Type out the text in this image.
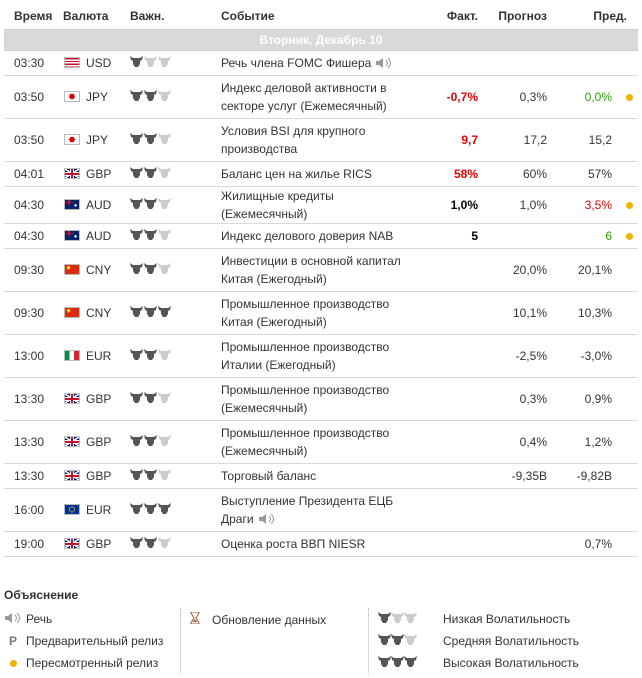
Время	Валюта	Важн.	Событие	Факт.	Прогноз	Пред.	
Вторник, Декабрь 10							
03:30	USD		Речь члена FOMC Фишера				
03:50	JPY		Индекс деловой активности в секторе услуг (Ежемесячный)	-0,7%	0,3%	0,0%	
03:50	JPY		Условия BSI для крупного производства	9,7	17,2	15,2	
04:01	GBP		Баланс цен на жилье RICS	58%	60%	57%	
04:30	AUD		Жилищные кредиты (Ежемесячный)	1,0%	1,0%	3,5%	
04:30	AUD		Индекс делового доверия NAB	5		6	
09:30	CNY		Инвестиции в основной капитал Китая (Ежегодный)		20,0%	20,1%	
09:30	CNY		Промышленное производство Китая (Ежегодный)		10,1%	10,3%	
13:00	EUR		Промышленное производство Италии (Ежегодный)		-2,5%	-3,0%	
13:30	GBP		Промышленное производство (Ежемесячный)		0,3%	0,9%	
13:30	GBP		Промышленное производство (Ежемесячный)		0,4%	1,2%	
13:30	GBP		Торговый баланс		-9,35B	-9,82B	
16:00	EUR		Выступление Президента ЕЦБ Драги				
19:00	GBP		Оценка роста ВВП NIESR			0,7%	
Объяснение
Речь
P Предварительный релиз
Пересмотренный релиз
Обновление данных	Низкая Волатильность
Средняя Волатильность
Высокая Волатильность
